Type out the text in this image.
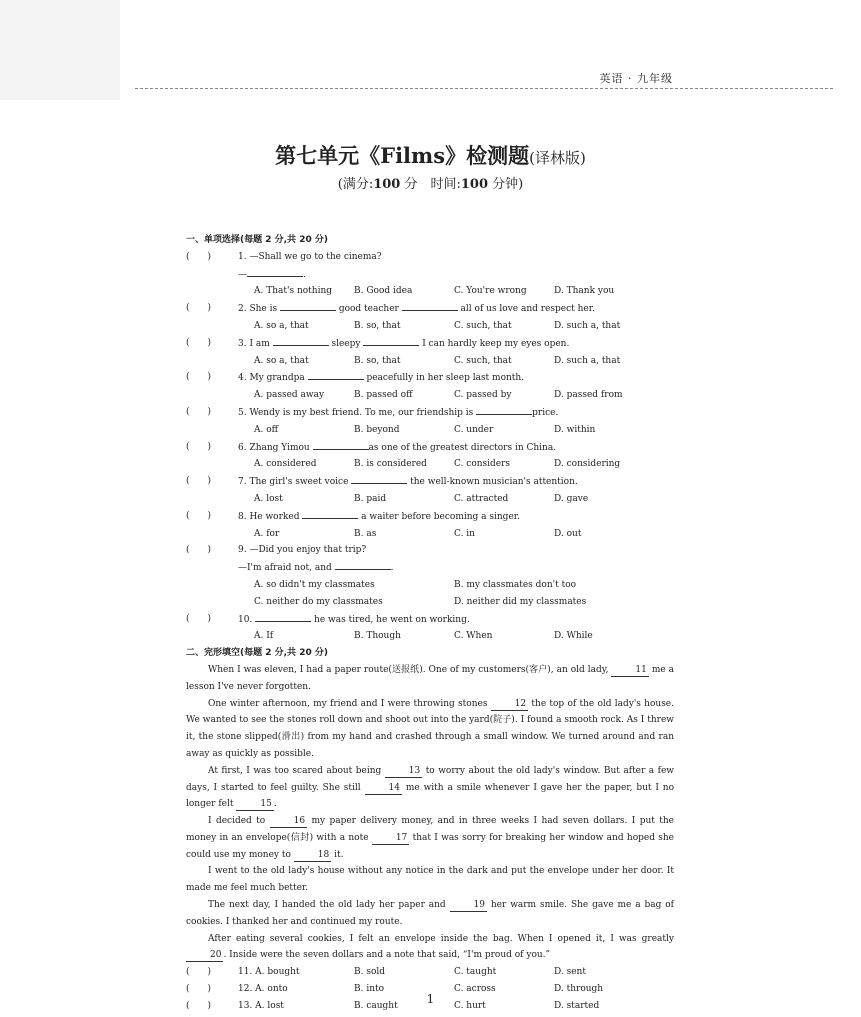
英语 · 九年级
第七单元《Films》检测题(译林版)
(满分:100 分　时间:100 分钟)
一、单项选择(每题 2 分,共 20 分)
(　　)	1. —Shall we go to the cinema?
—	.
A. That's nothing	B. Good idea	C. You're wrong	D. Thank you
(　　)	2. She is	good teacher	all of us love and respect her.
A. so a, that	B. so, that	C. such, that	D. such a, that
(　　)	3. I am	sleepy	I can hardly keep my eyes open.
A. so a, that	B. so, that	C. such, that	D. such a, that
(　　)	4. My grandpa	peacefully in her sleep last month.
A. passed away	B. passed off	C. passed by	D. passed from
(　　)	5. Wendy is my best friend. To me, our friendship is	price.
A. off	B. beyond	C. under	D. within
(　　)	6. Zhang Yimou	as one of the greatest directors in China.
A. considered	B. is considered	C. considers	D. considering
(　　)	7. The girl's sweet voice	the well-known musician's attention.
A. lost	B. paid	C. attracted	D. gave
(　　)	8. He worked	a waiter before becoming a singer.
A. for	B. as	C. in	D. out
(　　)	9. —Did you enjoy that trip?
—I'm afraid not, and	.
A. so didn't my classmates	B. my classmates don't too
C. neither do my classmates	D. neither did my classmates
(　　)	10.	he was tired, he went on working.
A. If	B. Though	C. When	D. While
二、完形填空(每题 2 分,共 20 分)

When I was eleven, I had a paper route(送报纸). One of my customers(客户), an old lady,	11 me a lesson I've never forgotten.

One winter afternoon, my friend and I were throwing stones	12 the top of the old lady's house. We wanted to see the stones roll down and shoot out into the yard(院子). I found a smooth rock. As I threw it, the stone slipped(滑出) from my hand and crashed through a small window. We turned around and ran away as quickly as possible.

At first, I was too scared about being	13 to worry about the old lady's window. But after a few days, I started to feel guilty. She still	14 me with a smile whenever I gave her the paper, but I no longer felt	15 .

I decided to	16 my paper delivery money, and in three weeks I had seven dollars. I put the money in an envelope(信封) with a note	17 that I was sorry for breaking her window and hoped she could use my money to	18 it.

I went to the old lady's house without any notice in the dark and put the envelope under her door. It made me feel much better.

The next day, I handed the old lady her paper and	19 her warm smile. She gave me a bag of cookies. I thanked her and continued my route.

After eating several cookies, I felt an envelope inside the bag. When I opened it, I was greatly 20 . Inside were the seven dollars and a note that said, “I'm proud of you.”

(　　)	11. A. bought	B. sold	C. taught	D. sent
(　　)	12. A. onto	B. into	C. across	D. through
(　　)	13. A. lost	B. caught	C. hurt	D. started
1
